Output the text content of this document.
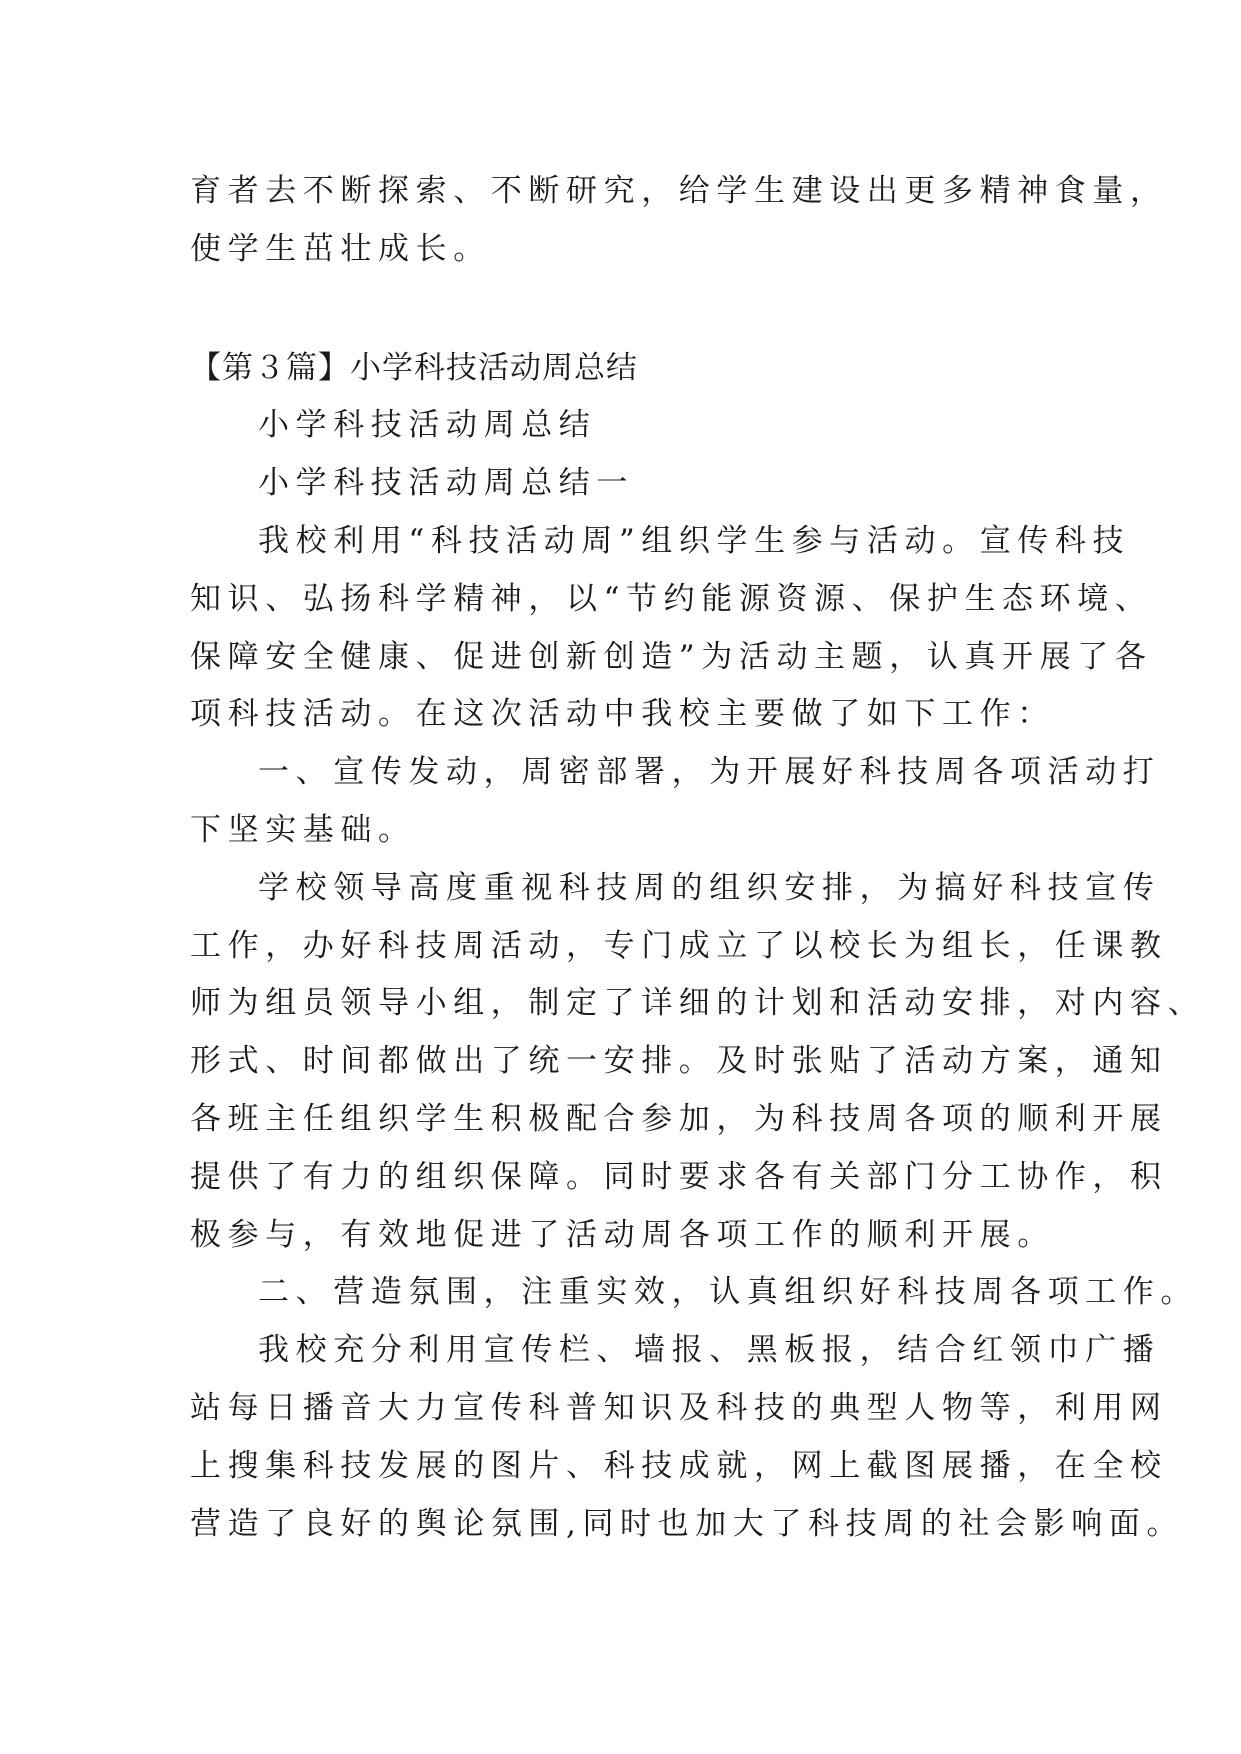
育者去不断探索、不断研究，给学生建设出更多精神食量，
使学生茁壮成长。
【第３篇】小学科技活动周总结
小学科技活动周总结
小学科技活动周总结一
我校利用“科技活动周”组织学生参与活动。宣传科技
知识、弘扬科学精神，以“节约能源资源、保护生态环境、
保障安全健康、促进创新创造”为活动主题，认真开展了各
项科技活动。在这次活动中我校主要做了如下工作：
一、宣传发动，周密部署，为开展好科技周各项活动打
下坚实基础。
学校领导高度重视科技周的组织安排，为搞好科技宣传
工作，办好科技周活动，专门成立了以校长为组长，任课教
师为组员领导小组，制定了详细的计划和活动安排，对内容、
形式、时间都做出了统一安排。及时张贴了活动方案，通知
各班主任组织学生积极配合参加，为科技周各项的顺利开展
提供了有力的组织保障。同时要求各有关部门分工协作，积
极参与，有效地促进了活动周各项工作的顺利开展。
二、营造氛围，注重实效，认真组织好科技周各项工作。
我校充分利用宣传栏、墙报、黑板报，结合红领巾广播
站每日播音大力宣传科普知识及科技的典型人物等，利用网
上搜集科技发展的图片、科技成就，网上截图展播，在全校
营造了良好的舆论氛围,同时也加大了科技周的社会影响面。
